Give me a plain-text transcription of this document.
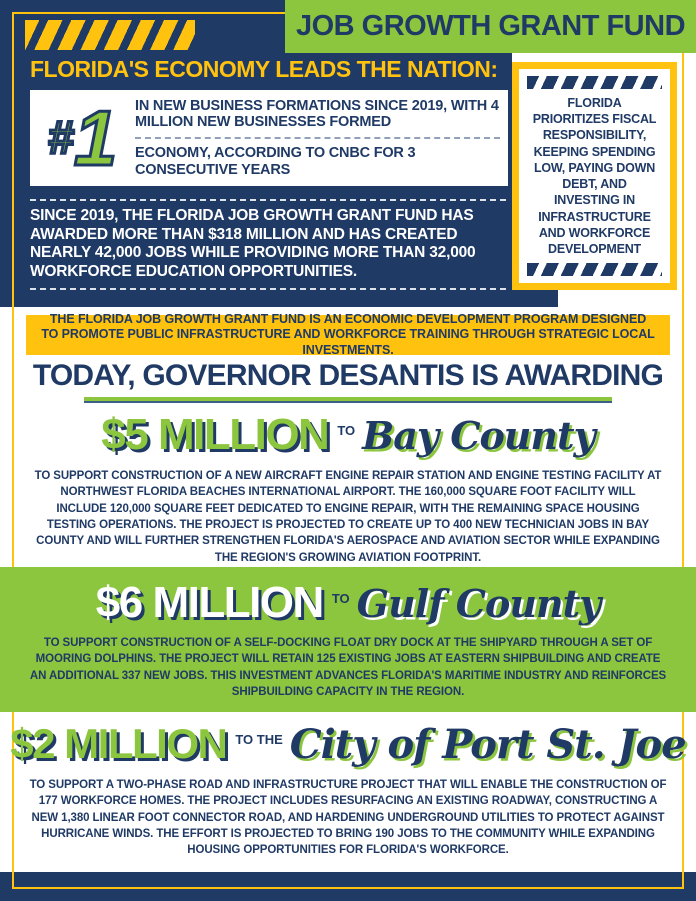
JOB GROWTH GRANT FUND
FLORIDA'S ECONOMY LEADS THE NATION:
#1	IN NEW BUSINESS FORMATIONS SINCE 2019, WITH 4 MILLION NEW BUSINESSES FORMED
ECONOMY, ACCORDING TO CNBC FOR 3 CONSECUTIVE YEARS
SINCE 2019, THE FLORIDA JOB GROWTH GRANT FUND HAS AWARDED MORE THAN $318 MILLION AND HAS CREATED NEARLY 42,000 JOBS WHILE PROVIDING MORE THAN 32,000 WORKFORCE EDUCATION OPPORTUNITIES.
FLORIDA PRIORITIZES FISCAL RESPONSIBILITY, KEEPING SPENDING LOW, PAYING DOWN DEBT, AND INVESTING IN INFRASTRUCTURE AND WORKFORCE DEVELOPMENT
THE FLORIDA JOB GROWTH GRANT FUND IS AN ECONOMIC DEVELOPMENT PROGRAM DESIGNED TO PROMOTE PUBLIC INFRASTRUCTURE AND WORKFORCE TRAINING THROUGH STRATEGIC LOCAL INVESTMENTS.
TODAY, GOVERNOR DESANTIS IS AWARDING
$5 MILLION TO Bay County
TO SUPPORT CONSTRUCTION OF A NEW AIRCRAFT ENGINE REPAIR STATION AND ENGINE TESTING FACILITY AT NORTHWEST FLORIDA BEACHES INTERNATIONAL AIRPORT. THE 160,000 SQUARE FOOT FACILITY WILL INCLUDE 120,000 SQUARE FEET DEDICATED TO ENGINE REPAIR, WITH THE REMAINING SPACE HOUSING TESTING OPERATIONS. THE PROJECT IS PROJECTED TO CREATE UP TO 400 NEW TECHNICIAN JOBS IN BAY COUNTY AND WILL FURTHER STRENGTHEN FLORIDA'S AEROSPACE AND AVIATION SECTOR WHILE EXPANDING THE REGION'S GROWING AVIATION FOOTPRINT.
$6 MILLION TO Gulf County
TO SUPPORT CONSTRUCTION OF A SELF-DOCKING FLOAT DRY DOCK AT THE SHIPYARD THROUGH A SET OF MOORING DOLPHINS. THE PROJECT WILL RETAIN 125 EXISTING JOBS AT EASTERN SHIPBUILDING AND CREATE AN ADDITIONAL 337 NEW JOBS. THIS INVESTMENT ADVANCES FLORIDA'S MARITIME INDUSTRY AND REINFORCES SHIPBUILDING CAPACITY IN THE REGION.
$2 MILLION TO THE City of Port St. Joe
TO SUPPORT A TWO-PHASE ROAD AND INFRASTRUCTURE PROJECT THAT WILL ENABLE THE CONSTRUCTION OF 177 WORKFORCE HOMES. THE PROJECT INCLUDES RESURFACING AN EXISTING ROADWAY, CONSTRUCTING A NEW 1,380 LINEAR FOOT CONNECTOR ROAD, AND HARDENING UNDERGROUND UTILITIES TO PROTECT AGAINST HURRICANE WINDS. THE EFFORT IS PROJECTED TO BRING 190 JOBS TO THE COMMUNITY WHILE EXPANDING HOUSING OPPORTUNITIES FOR FLORIDA'S WORKFORCE.
